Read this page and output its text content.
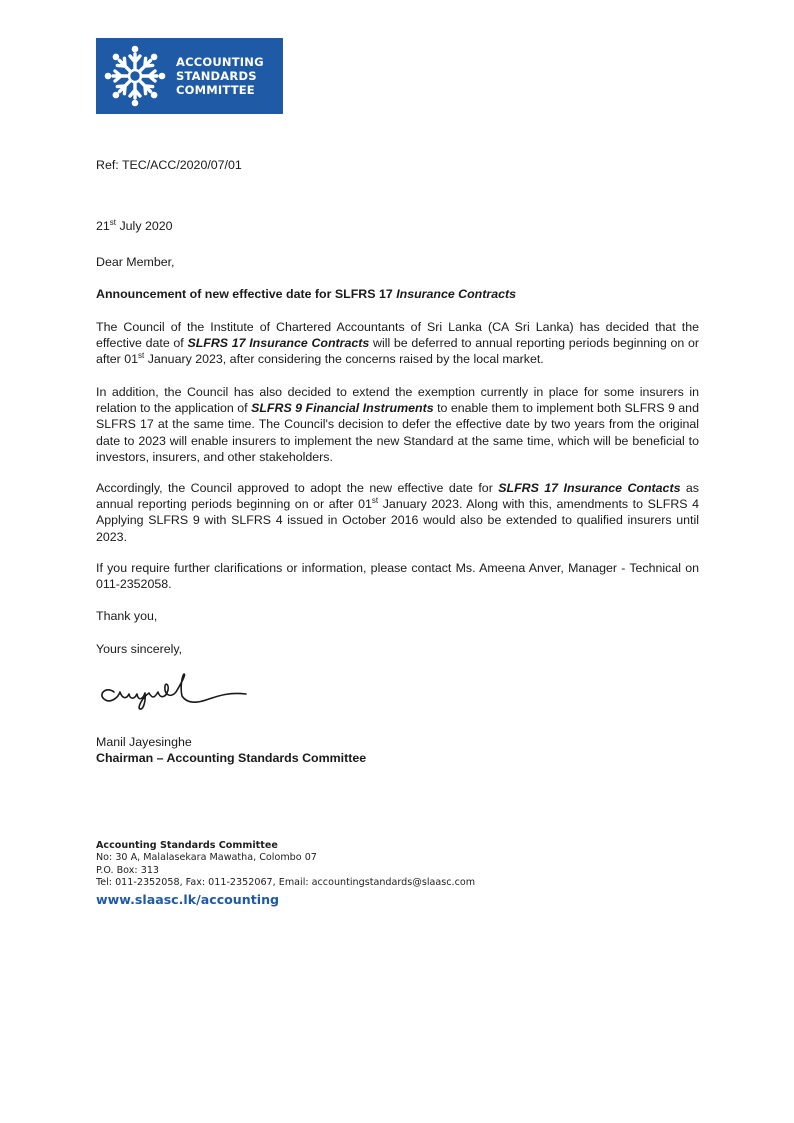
ACCOUNTING
STANDARDS
COMMITTEE
Ref: TEC/ACC/2020/07/01
21st July 2020
Dear Member,
Announcement of new effective date for SLFRS 17 Insurance Contracts

The Council of the Institute of Chartered Accountants of Sri Lanka (CA Sri Lanka) has decided that the effective date of SLFRS 17 Insurance Contracts will be deferred to annual reporting periods beginning on or after 01st January 2023, after considering the concerns raised by the local market.

In addition, the Council has also decided to extend the exemption currently in place for some insurers in relation to the application of SLFRS 9 Financial Instruments to enable them to implement both SLFRS 9 and SLFRS 17 at the same time. The Council's decision to defer the effective date by two years from the original date to 2023 will enable insurers to implement the new Standard at the same time, which will be beneficial to investors, insurers, and other stakeholders.

Accordingly, the Council approved to adopt the new effective date for SLFRS 17 Insurance Contacts as annual reporting periods beginning on or after 01st January 2023. Along with this, amendments to SLFRS 4 Applying SLFRS 9 with SLFRS 4 issued in October 2016 would also be extended to qualified insurers until 2023.

If you require further clarifications or information, please contact Ms. Ameena Anver, Manager - Technical on 011-2352058.

Thank you,
Yours sincerely,
Manil Jayesinghe
Chairman – Accounting Standards Committee
Accounting Standards Committee
No: 30 A, Malalasekara Mawatha, Colombo 07
P.O. Box: 313
Tel: 011-2352058, Fax: 011-2352067, Email: accountingstandards@slaasc.com
www.slaasc.lk/accounting
